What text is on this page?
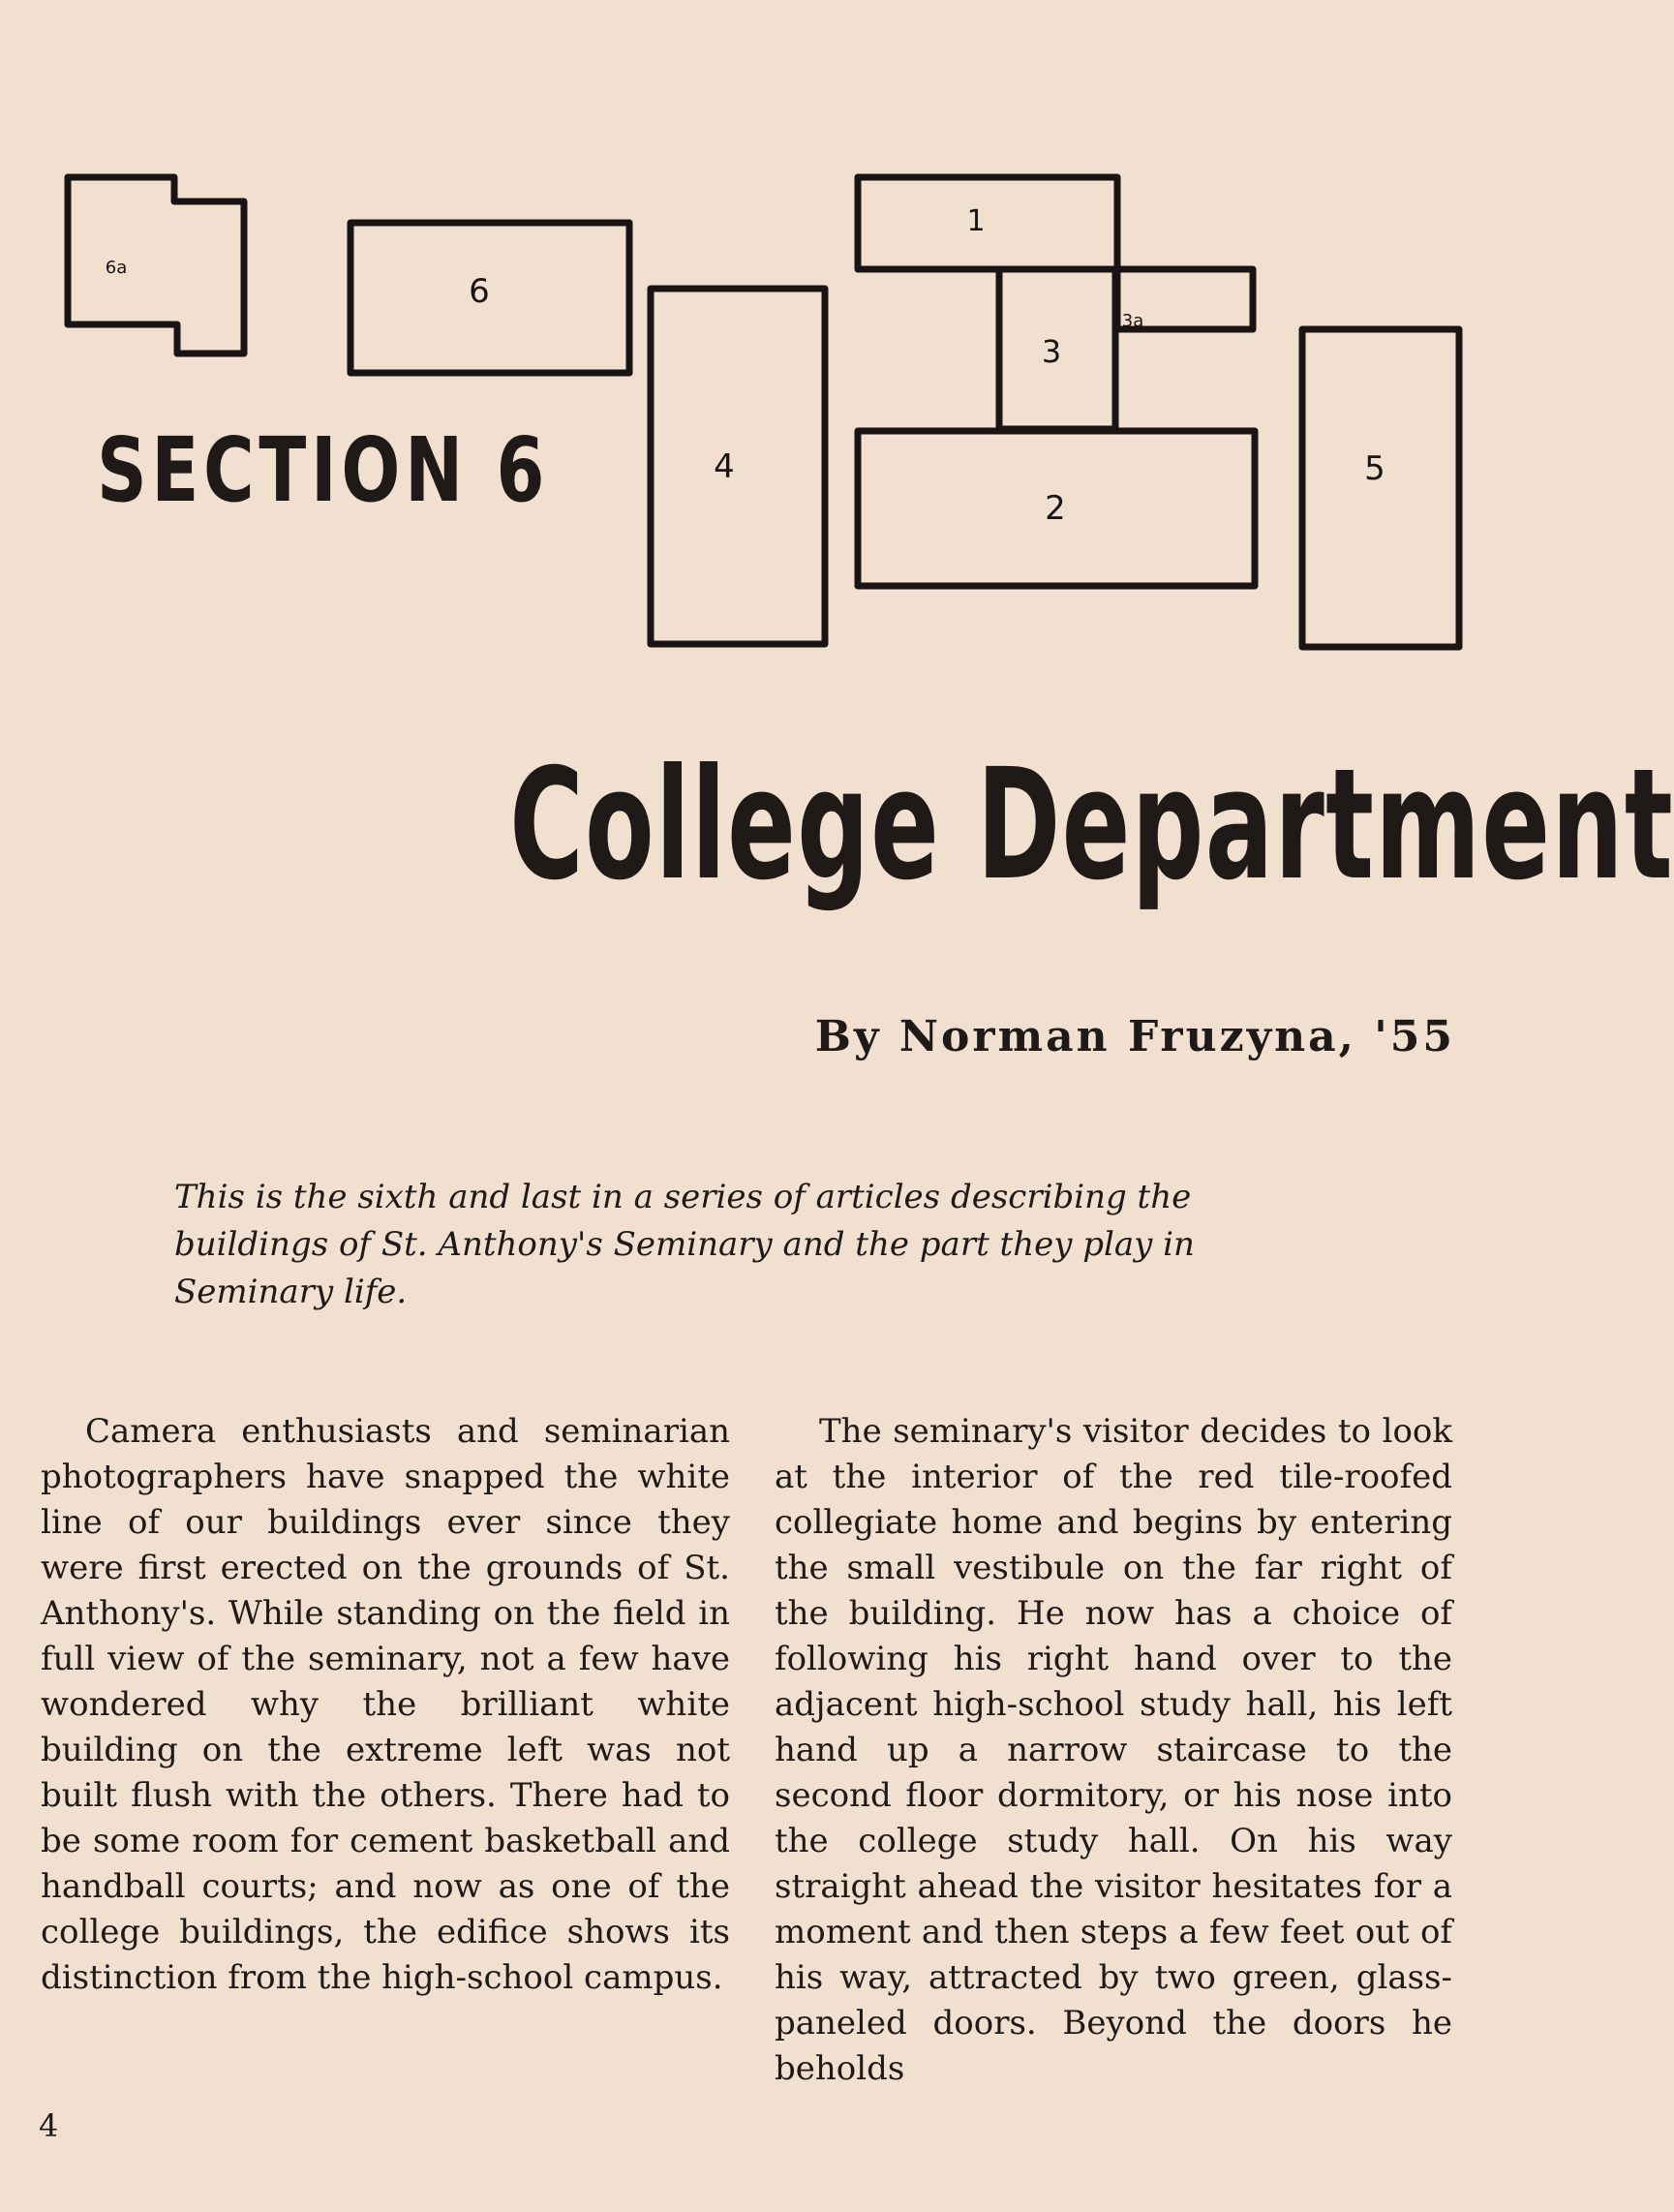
6a
6
4
1
3a
3
2
5
SECTION 6
College Department

By Norman Fruzyna, '55

This is the sixth and last in a series of articles describing the buildings of St. Anthony's Seminary and the part they play in Seminary life.

Camera enthusiasts and seminarian photographers have snapped the white line of our buildings ever since they were first erected on the grounds of St. Anthony's. While standing on the field in full view of the seminary, not a few have wondered why the brilliant white building on the extreme left was not built flush with the others. There had to be some room for cement basketball and handball courts; and now as one of the college buildings, the edifice shows its distinction from the high-school campus.

The seminary's visitor decides to look at the interior of the red tile-roofed collegiate home and begins by entering the small vestibule on the far right of the building. He now has a choice of following his right hand over to the adjacent high-school study hall, his left hand up a narrow staircase to the second floor dormitory, or his nose into the college study hall. On his way straight ahead the visitor hesitates for a moment and then steps a few feet out of his way, attracted by two green, glass-paneled doors. Beyond the doors he beholds

4
